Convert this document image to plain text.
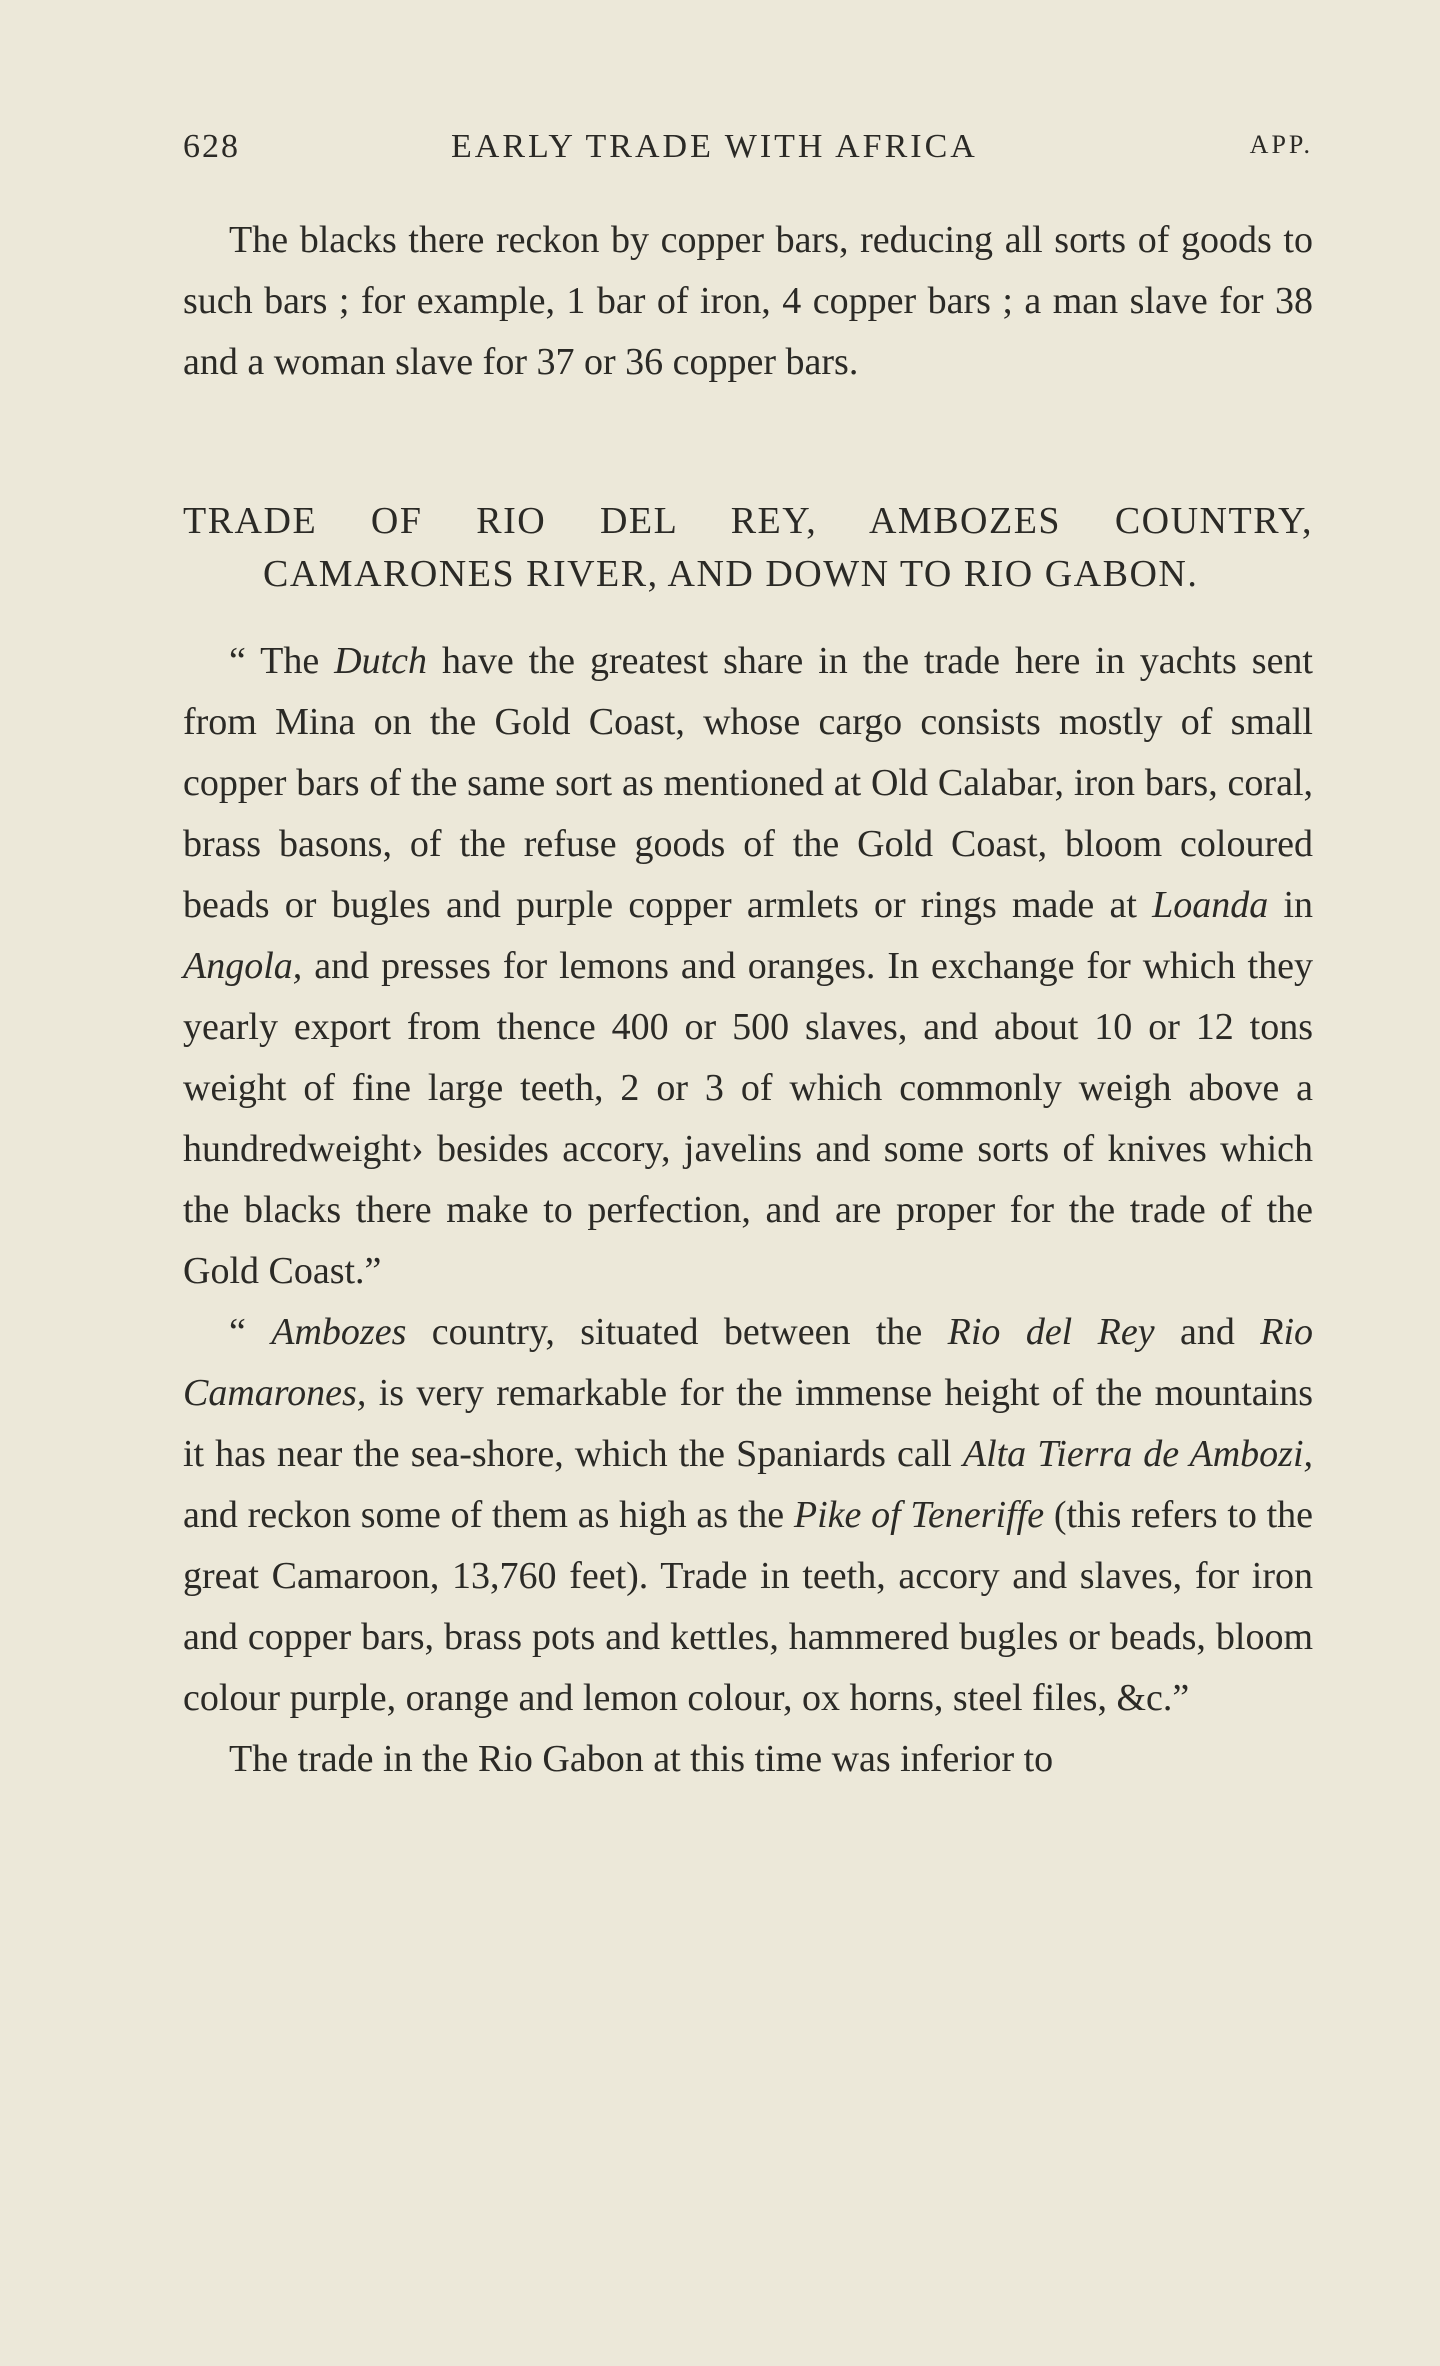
628	EARLY TRADE WITH AFRICA	APP.

The blacks there reckon by copper bars, reducing all sorts of goods to such bars ; for example, 1 bar of iron, 4 copper bars ; a man slave for 38 and a woman slave for 37 or 36 copper bars.

TRADE OF RIO DEL REY, AMBOZES COUNTRY, CAMARONES RIVER, AND DOWN TO RIO GABON.

“ The Dutch have the greatest share in the trade here in yachts sent from Mina on the Gold Coast, whose cargo consists mostly of small copper bars of the same sort as mentioned at Old Calabar, iron bars, coral, brass basons, of the refuse goods of the Gold Coast, bloom coloured beads or bugles and purple copper armlets or rings made at Loanda in Angola, and presses for lemons and oranges. In exchange for which they yearly export from thence 400 or 500 slaves, and about 10 or 12 tons weight of fine large teeth, 2 or 3 of which commonly weigh above a hundredweight› besides accory, javelins and some sorts of knives which the blacks there make to perfection, and are proper for the trade of the Gold Coast.”

“ Ambozes country, situated between the Rio del Rey and Rio Camarones, is very remarkable for the immense height of the mountains it has near the sea-shore, which the Spaniards call Alta Tierra de Ambozi, and reckon some of them as high as the Pike of Teneriffe (this refers to the great Camaroon, 13,760 feet). Trade in teeth, accory and slaves, for iron and copper bars, brass pots and kettles, hammered bugles or beads, bloom colour purple, orange and lemon colour, ox horns, steel files, &c.”

The trade in the Rio Gabon at this time was inferior to
